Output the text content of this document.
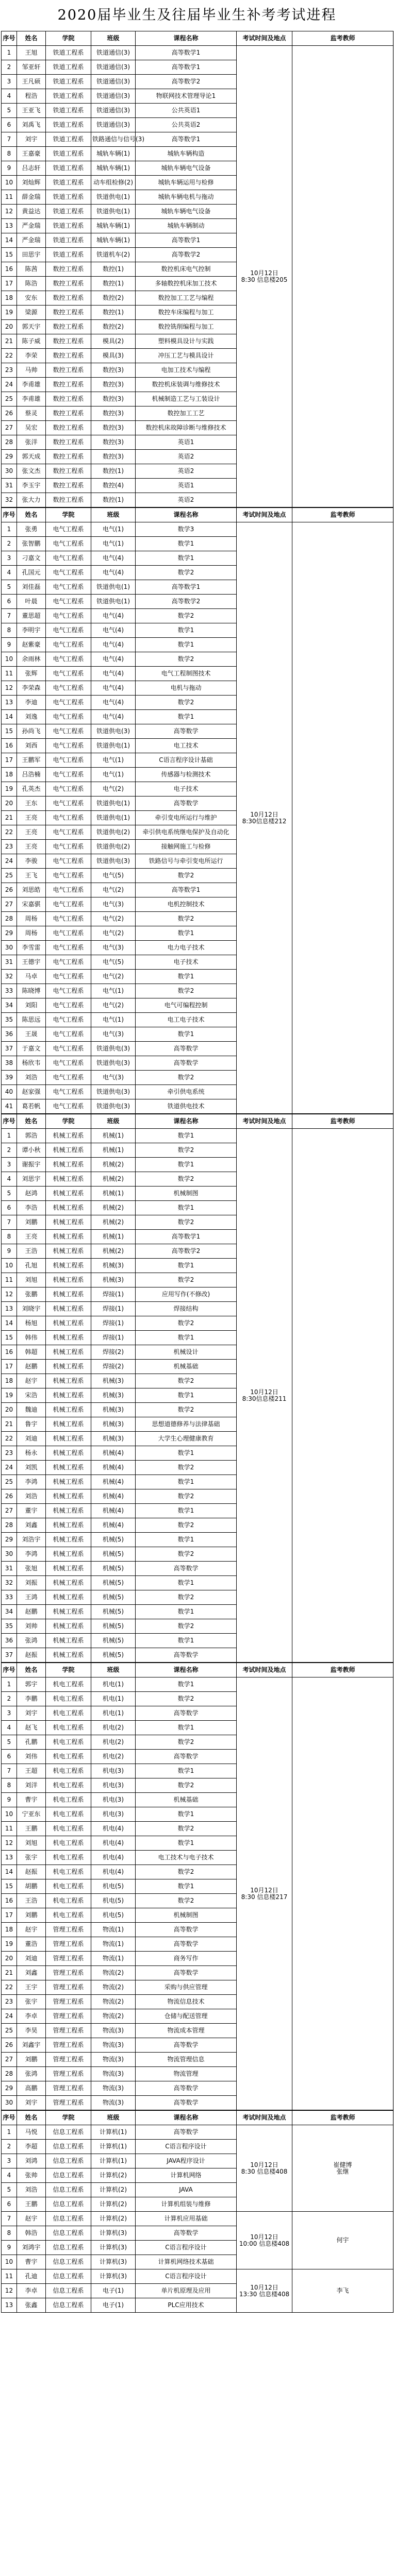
2020届毕业生及往届毕业生补考考试进程
序号	姓名	学院	班级	课程名称	考试时间及地点	监考教师
1	王旭	铁道工程系	铁道通信(3)	高等数学1	10月12日
8:30 信息楼205	
2	邹亚轩	铁道工程系	铁道通信(3)	高等数学1		
3	王凡硕	铁道工程系	铁道通信(3)	高等数学2		
4	程浩	铁道工程系	铁道通信(3)	物联网技术管理导论1		
5	王亚飞	铁道工程系	铁道通信(3)	公共英语1		
6	刘禹飞	铁道工程系	铁道通信(3)	公共英语2		
7	刘宇	铁道工程系	铁路通信与信号(3)	高等数学1		
8	王嘉豪	铁道工程系	城轨车辆(1)	城轨车辆构造		
9	吕志轩	铁道工程系	城轨车辆(1)	城轨车辆电气设备		
10	刘灿辉	铁道工程系	动车组检修(2)	城轨车辆运用与检修		
11	薛金瑞	铁道工程系	铁道供电(1)	城轨车辆电机与拖动		
12	黄益达	铁道工程系	铁道供电(1)	城轨车辆电气设备		
13	严金瑞	铁道工程系	城轨车辆(1)	城轨车辆制动		
14	严金瑞	铁道工程系	城轨车辆(1)	高等数学1		
15	田思宇	铁道工程系	铁道机车(2)	高等数学2		
16	陈茜	数控工程系	数控(1)	数控机床电气控制		
17	陈浩	数控工程系	数控(1)	多轴数控机床加工技术		
18	安东	数控工程系	数控(2)	数控加工工艺与编程		
19	梁源	数控工程系	数控(1)	数控车床编程与加工		
20	郭天宇	数控工程系	数控(2)	数控铣削编程与加工		
21	陈子威	数控工程系	模具(2)	塑料模具设计与实践		
22	李荣	数控工程系	模具(3)	冲压工艺与模具设计		
23	马帅	数控工程系	数控(3)	电加工技术与编程		
24	李甫雄	数控工程系	数控(3)	数控机床装调与维修技术		
25	李甫雄	数控工程系	数控(3)	机械制造工艺与工装设计		
26	蔡灵	数控工程系	数控(3)	数控加工工艺		
27	吴宏	数控工程系	数控(3)	数控机床故障诊断与维修技术		
28	张洋	数控工程系	数控(3)	英语1		
29	郭天成	数控工程系	数控(3)	英语2		
30	张文杰	数控工程系	数控(1)	英语2		
31	李玉宇	数控工程系	数控(4)	英语1		
32	张大力	数控工程系	数控(1)	英语2		
序号	姓名	学院	班级	课程名称	考试时间及地点	监考教师
1	张勇	电气工程系	电气(1)	数学3	10月12日
8:30信息楼212	
2	张智鹏	电气工程系	电气(1)	数学1		
3	刁嘉文	电气工程系	电气(4)	数学1		
4	孔国元	电气工程系	电气(4)	数学2		
5	刘佳磊	电气工程系	铁道供电(1)	高等数学1		
6	叶晨	电气工程系	铁道供电(1)	高等数学2		
7	董思超	电气工程系	电气(4)	数学2		
8	李明宇	电气工程系	电气(4)	数学1		
9	赵紫豪	电气工程系	电气(4)	数学1		
10	余雨林	电气工程系	电气(4)	数学2		
11	张辉	电气工程系	电气(4)	电气工程制图技术		
12	李荣森	电气工程系	电气(4)	电机与拖动		
13	李迪	电气工程系	电气(4)	数学2		
14	刘逸	电气工程系	电气(4)	数学1		
15	孙尚飞	电气工程系	铁道供电(3)	高等数学		
16	刘西	电气工程系	铁道供电(1)	电工技术		
17	王鹏军	电气工程系	电气(1)	C语言程序设计基础		
18	吕浩楠	电气工程系	电气(1)	传感器与检测技术		
19	孔英杰	电气工程系	电气(2)	电子技术		
20	王东	电气工程系	铁道供电(1)	高等数学		
21	王亮	电气工程系	铁道供电(1)	牵引变电所运行与维护		
22	王亮	电气工程系	铁道供电(2)	牵引供电系统继电保护及自动化		
23	王亮	电气工程系	铁道供电(2)	接触网施工与检修		
24	李骏	电气工程系	铁道供电(3)	铁路信号与牵引变电所运行		
25	王飞	电气工程系	电气(5)	数学2		
26	刘思皓	电气工程系	电气(2)	高等数学1		
27	宋嘉骐	电气工程系	电气(3)	电机控制技术		
28	周杨	电气工程系	电气(2)	数学2		
29	周杨	电气工程系	电气(2)	数学1		
30	李雪雷	电气工程系	电气(3)	电力电子技术		
31	王德宇	电气工程系	电气(5)	电子技术		
32	马卓	电气工程系	电气(2)	数学1		
33	陈晓博	电气工程系	电气(1)	数学2		
34	刘阳	电气工程系	电气(2)	电气可编程控制		
35	陈思远	电气工程系	电气(1)	电工电子技术		
36	王晟	电气工程系	电气(3)	数学1		
37	于嘉文	电气工程系	铁道供电(3)	高等数学		
38	杨欣韦	电气工程系	铁道供电(3)	高等数学		
39	刘浩	电气工程系	电气(3)	数学2		
40	赵家强	电气工程系	铁道供电(3)	牵引供电系统		
41	葛若帆	电气工程系	铁道供电(3)	铁道供电技术		
序号	姓名	学院	班级	课程名称	考试时间及地点	监考教师
1	郭浩	机械工程系	机械(1)	数学1	10月12日
8:30信息楼211	
2	谭小秋	机械工程系	机械(1)	数学2		
3	谢振宇	机械工程系	机械(2)	数学1		
4	刘思宇	机械工程系	机械(2)	数学2		
5	赵鸿	机械工程系	机械(1)	机械制图		
6	李浩	机械工程系	机械(2)	数学1		
7	刘鹏	机械工程系	机械(2)	数学2		
8	王亮	机械工程系	机械(1)	高等数学1		
9	王浩	机械工程系	机械(2)	高等数学2		
10	孔旭	机械工程系	机械(3)	数学1		
11	刘旭	机械工程系	机械(3)	数学2		
12	张鹏	机械工程系	焊接(1)	应用写作(不修改)		
13	刘晓宇	机械工程系	焊接(1)	焊接结构		
14	杨旭	机械工程系	焊接(1)	数学2		
15	韩伟	机械工程系	焊接(1)	数学1		
16	韩超	机械工程系	焊接(2)	机械设计		
17	赵鹏	机械工程系	焊接(2)	机械基础		
18	赵宇	机械工程系	机械(3)	数学2		
19	宋浩	机械工程系	机械(3)	数学1		
20	魏迪	机械工程系	机械(3)	数学2		
21	鲁宇	机械工程系	机械(3)	思想道德修养与法律基础		
22	刘迪	机械工程系	机械(3)	大学生心理健康教育		
23	杨永	机械工程系	机械(4)	数学1		
24	刘凯	机械工程系	机械(4)	数学2		
25	李鸿	机械工程系	机械(4)	数学1		
26	刘浩	机械工程系	机械(4)	数学2		
27	董宇	机械工程系	机械(4)	数学1		
28	刘鑫	机械工程系	机械(4)	数学2		
29	刘浩宇	机械工程系	机械(5)	数学1		
30	李鸿	机械工程系	机械(5)	数学2		
31	张旭	机械工程系	机械(5)	高等数学		
32	刘振	机械工程系	机械(5)	数学1		
33	王鸿	机械工程系	机械(5)	数学2		
34	赵鹏	机械工程系	机械(5)	数学1		
35	刘帅	机械工程系	机械(5)	数学2		
36	张鸿	机械工程系	机械(5)	数学1		
37	赵振	机械工程系	机械(5)	高等数学		
序号	姓名	学院	班级	课程名称	考试时间及地点	监考教师
1	郭宇	机电工程系	机电(1)	数学1	10月12日
8:30 信息楼217	
2	李鹏	机电工程系	机电(1)	数学2		
3	刘宇	机电工程系	机电(1)	高等数学		
4	赵飞	机电工程系	机电(2)	数学1		
5	孔鹏	机电工程系	机电(2)	数学2		
6	刘伟	机电工程系	机电(2)	高等数学		
7	王超	机电工程系	机电(3)	数学1		
8	刘洋	机电工程系	机电(3)	数学2		
9	曹宇	机电工程系	机电(3)	机械基础		
10	宁亚东	机电工程系	机电(3)	数学1		
11	王鹏	机电工程系	机电(4)	数学2		
12	刘旭	机电工程系	机电(4)	数学1		
13	张宇	机电工程系	机电(4)	电工技术与电子技术		
14	赵振	机电工程系	机电(4)	数学2		
15	胡鹏	机电工程系	机电(5)	数学1		
16	王浩	机电工程系	机电(5)	数学2		
17	刘鹏	机电工程系	机电(5)	机械制图		
18	赵宇	管理工程系	物流(1)	高等数学		
19	董浩	管理工程系	物流(1)	高等数学		
20	刘迪	管理工程系	物流(1)	商务写作		
21	刘鑫	管理工程系	物流(2)	高等数学		
22	王宇	管理工程系	物流(2)	采购与供应管理		
23	张宇	管理工程系	物流(2)	物流信息技术		
24	李卓	管理工程系	物流(2)	仓储与配送管理		
25	李昊	管理工程系	物流(3)	物流成本管理		
26	刘鑫宇	管理工程系	物流(3)	高等数学		
27	刘鹏	管理工程系	物流(3)	物流管理信息		
28	张鸿	管理工程系	物流(3)	物流管理		
29	高鹏	管理工程系	物流(3)	高等数学		
30	刘宇	管理工程系	物流(3)	高等数学		
序号	姓名	学院	班级	课程名称	考试时间及地点	监考教师
1	马悦	信息工程系	计算机(1)	高等数学	10月12日
8:30 信息楼408	崔健博
张继
2	李超	信息工程系	计算机(1)	C语言程序设计		
3	刘鸿	信息工程系	计算机(1)	JAVA程序设计		
4	张帅	信息工程系	计算机(2)	计算机网络		
5	刘浩	信息工程系	计算机(2)	JAVA		
6	王鹏	信息工程系	计算机(2)	计算机组装与维修		
7	赵宇	信息工程系	计算机(2)	计算机应用基础	10月12日
10:00 信息楼408	何宇
8	韩浩	信息工程系	计算机(3)	高等数学		
9	刘鸿宇	信息工程系	计算机(3)	C语言程序设计		
10	曹宇	信息工程系	计算机(3)	计算机网络技术基础		
11	孔迪	信息工程系	计算机(3)	C语言程序设计	10月12日
13:30 信息楼408	李飞
12	李卓	信息工程系	电子(1)	单片机原理及应用		
13	张鑫	信息工程系	电子(1)	PLC应用技术		
